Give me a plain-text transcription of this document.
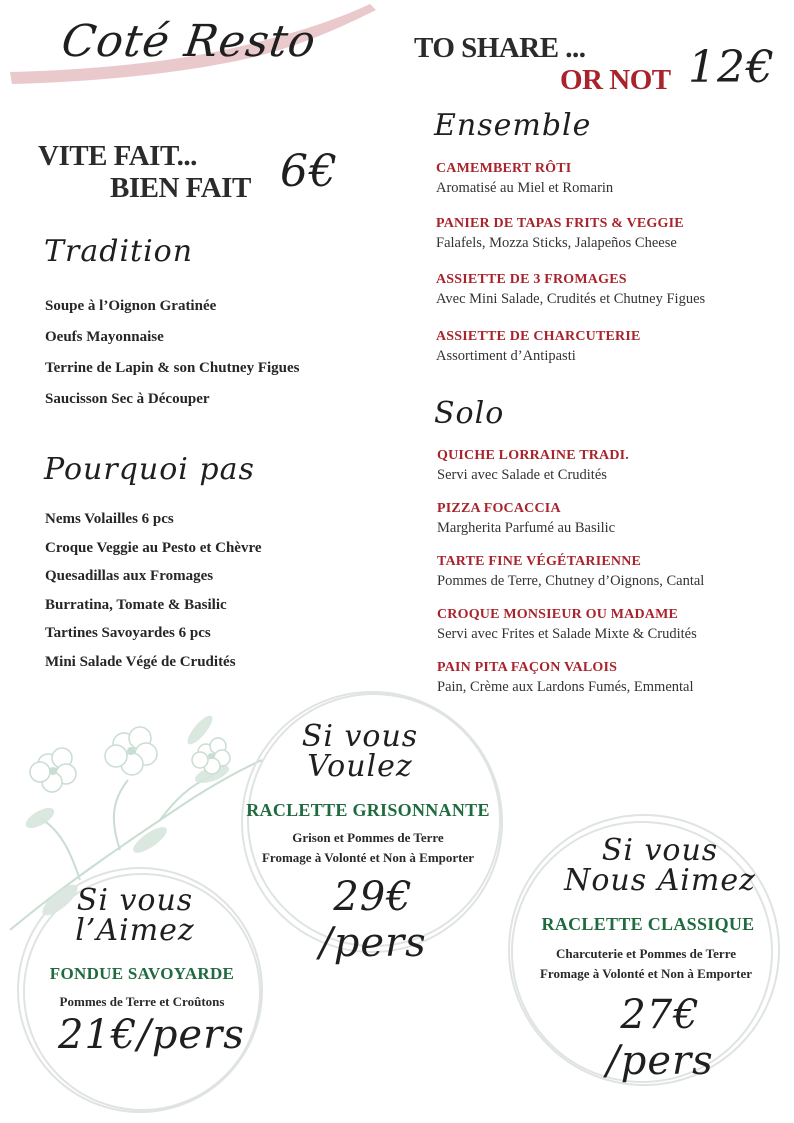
Coté Resto
VITE FAIT...
BIEN FAIT 6€
TO SHARE ...
OR NOT 12€
Tradition
Soupe à l’Oignon Gratinée
Oeufs Mayonnaise
Terrine de Lapin & son Chutney Figues
Saucisson Sec à Découper
Pourquoi pas
Nems Volailles 6 pcs
Croque Veggie au Pesto et Chèvre
Quesadillas aux Fromages
Burratina, Tomate & Basilic
Tartines Savoyardes 6 pcs
Mini Salade Végé de Crudités
Ensemble
CAMEMBERT RÔTI
Aromatisé au Miel et Romarin
PANIER DE TAPAS FRITS & VEGGIE
Falafels, Mozza Sticks, Jalapeños Cheese
ASSIETTE DE 3 FROMAGES
Avec Mini Salade, Crudités et Chutney Figues
ASSIETTE DE CHARCUTERIE
Assortiment d’Antipasti
Solo
QUICHE LORRAINE TRADI.
Servi avec Salade et Crudités
PIZZA FOCACCIA
Margherita Parfumé au Basilic
TARTE FINE VÉGÉTARIENNE
Pommes de Terre, Chutney d’Oignons, Cantal
CROQUE MONSIEUR OU MADAME
Servi avec Frites et Salade Mixte & Crudités
PAIN PITA FAÇON VALOIS
Pain, Crème aux Lardons Fumés, Emmental
Si vous
Voulez
RACLETTE GRISONNANTE
Grison et Pommes de Terre
Fromage à Volonté et Non à Emporter
29€ /pers
Si vous
l’Aimez
FONDUE SAVOYARDE
Pommes de Terre et Croûtons
21€/pers
Si vous
Nous Aimez
RACLETTE CLASSIQUE
Charcuterie et Pommes de Terre
Fromage à Volonté et Non à Emporter
27€ /pers
